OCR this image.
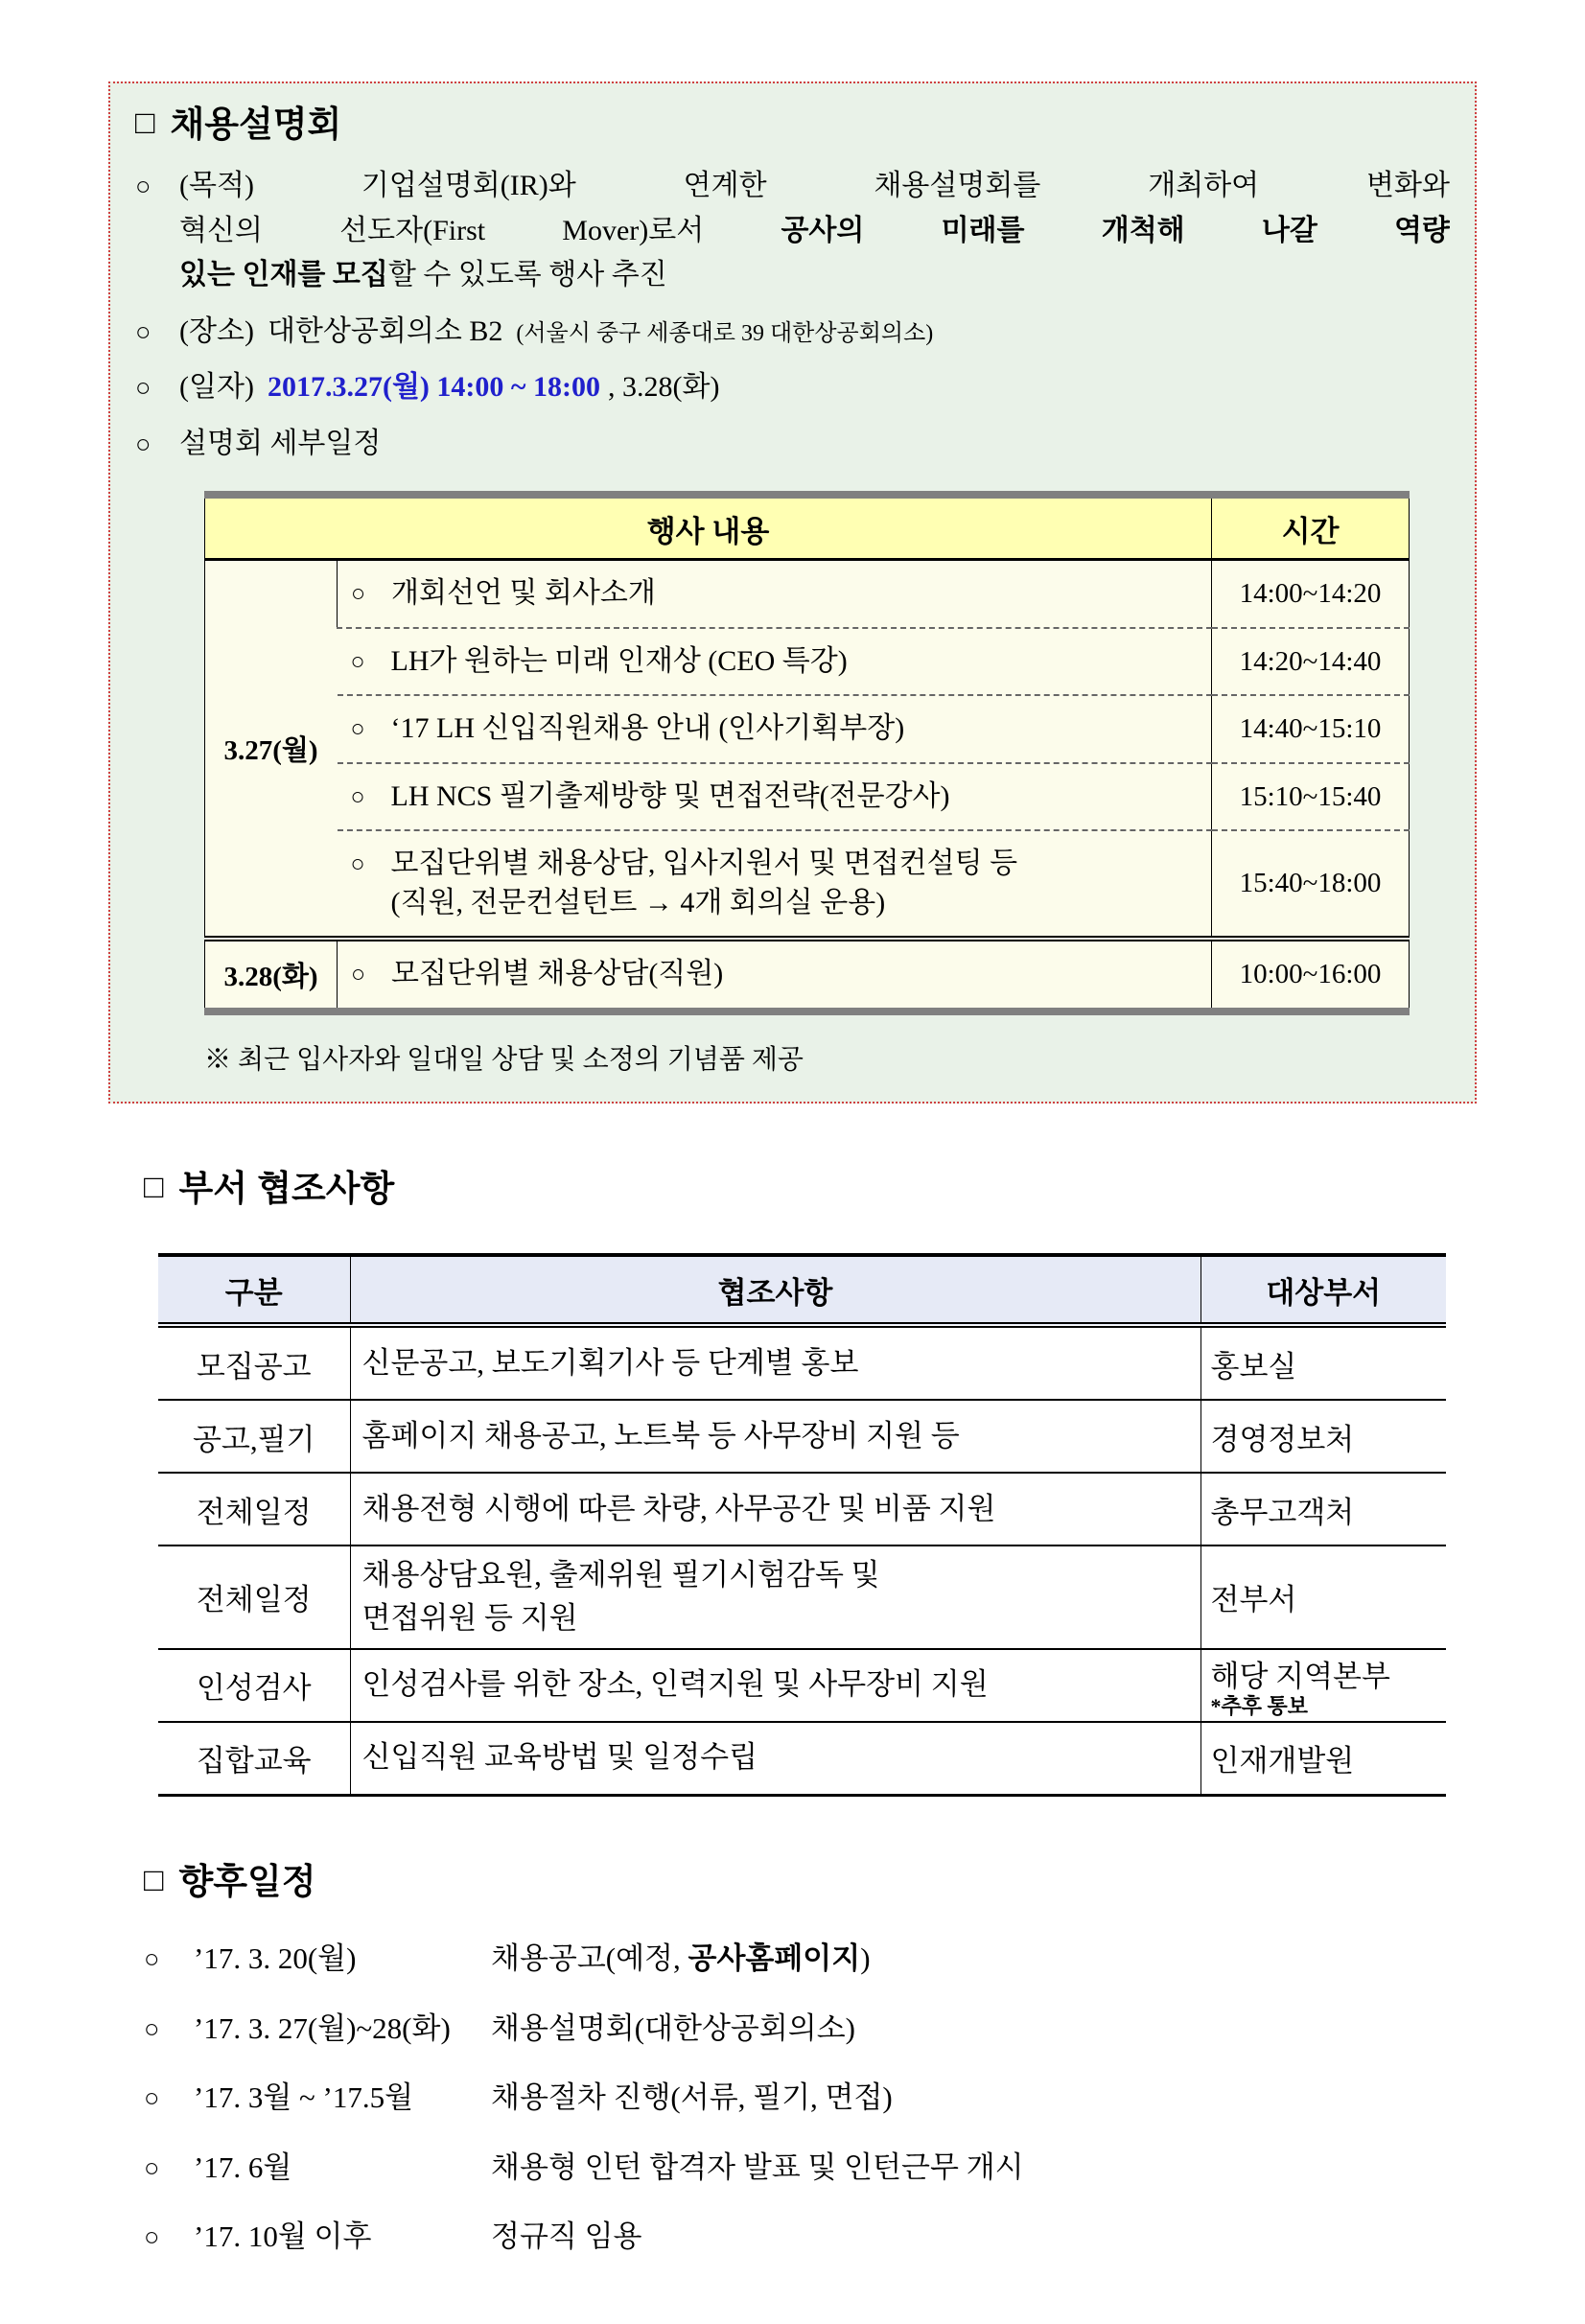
□ 채용설명회
○ (목적) 기업설명회(IR)와 연계한 채용설명회를 개최하여 변화와
혁신의 선도자(First Mover)로서 공사의 미래를 개척해 나갈 역량
있는 인재를 모집할 수 있도록 행사 추진
○ (장소) 대한상공회의소 B2 (서울시 중구 세종대로 39 대한상공회의소)
○ (일자) 2017.3.27(월) 14:00 ~ 18:00 , 3.28(화)
○ 설명회 세부일정
행사 내용		시간
3.27(월)	○ 개회선언 및 회사소개	14:00~14:20

	○ LH가 원하는 미래 인재상 (CEO 특강)	14:20~14:40

	○ ‘17 LH 신입직원채용 안내 (인사기획부장)	14:40~15:10

	○ LH NCS 필기출제방향 및 면접전략(전문강사)	15:10~15:40

	○ 모집단위별 채용상담, 입사지원서 및 면접컨설팅 등
(직원, 전문컨설턴트 → 4개 회의실 운용)	15:40~18:00
3.28(화)	○ 모집단위별 채용상담(직원)	10:00~16:00
※ 최근 입사자와 일대일 상담 및 소정의 기념품 제공
□ 부서 협조사항
구분	협조사항	대상부서
모집공고	신문공고, 보도기획기사 등 단계별 홍보	홍보실
공고,필기	홈페이지 채용공고, 노트북 등 사무장비 지원 등	경영정보처
전체일정	채용전형 시행에 따른 차량, 사무공간 및 비품 지원	총무고객처
전체일정	채용상담요원, 출제위원 필기시험감독 및
면접위원 등 지원	전부서
인성검사	인성검사를 위한 장소, 인력지원 및 사무장비 지원	해당 지역본부
*추후 통보

집합교육	신입직원 교육방법 및 일정수립	인재개발원
□ 향후일정
○	’17. 3. 20(월)	채용공고(예정, 공사홈페이지)
○	’17. 3. 27(월)~28(화)	채용설명회(대한상공회의소)
○	’17. 3월 ~ ’17.5월	채용절차 진행(서류, 필기, 면접)
○	’17. 6월	채용형 인턴 합격자 발표 및 인턴근무 개시
○	’17. 10월 이후	정규직 임용
